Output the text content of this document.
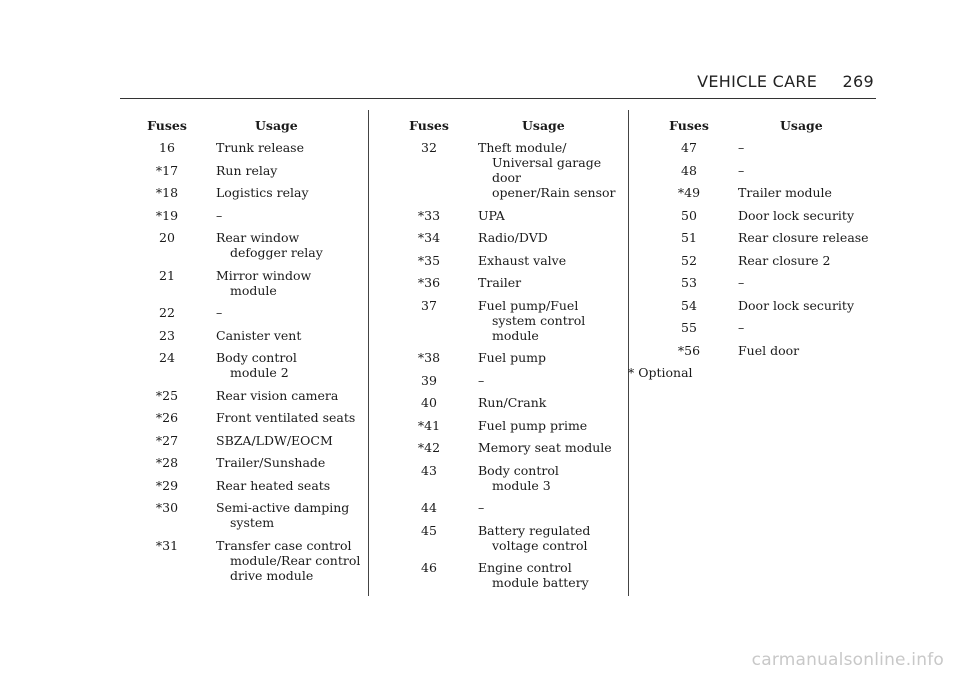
VEHICLE CARE 269
Fuses	Usage
16	Trunk release
*17	Run relay
*18	Logistics relay
*19	–
20	Rear window
defogger relay
21	Mirror window
module
22	–
23	Canister vent
24	Body control
module 2
*25	Rear vision camera
*26	Front ventilated seats
*27	SBZA/LDW/EOCM
*28	Trailer/Sunshade
*29	Rear heated seats
*30	Semi-active damping
system
*31	Transfer case control
module/Rear control
drive module
Fuses	Usage
32	Theft module/
Universal garage door
opener/Rain sensor
*33	UPA
*34	Radio/DVD
*35	Exhaust valve
*36	Trailer
37	Fuel pump/Fuel
system control
module
*38	Fuel pump
39	–
40	Run/Crank
*41	Fuel pump prime
*42	Memory seat module
43	Body control
module 3
44	–
45	Battery regulated
voltage control
46	Engine control
module battery
Fuses	Usage
47	–
48	–
*49	Trailer module
50	Door lock security
51	Rear closure release
52	Rear closure 2
53	–
54	Door lock security
55	–
*56	Fuel door
* Optional
carmanualsonline.info
